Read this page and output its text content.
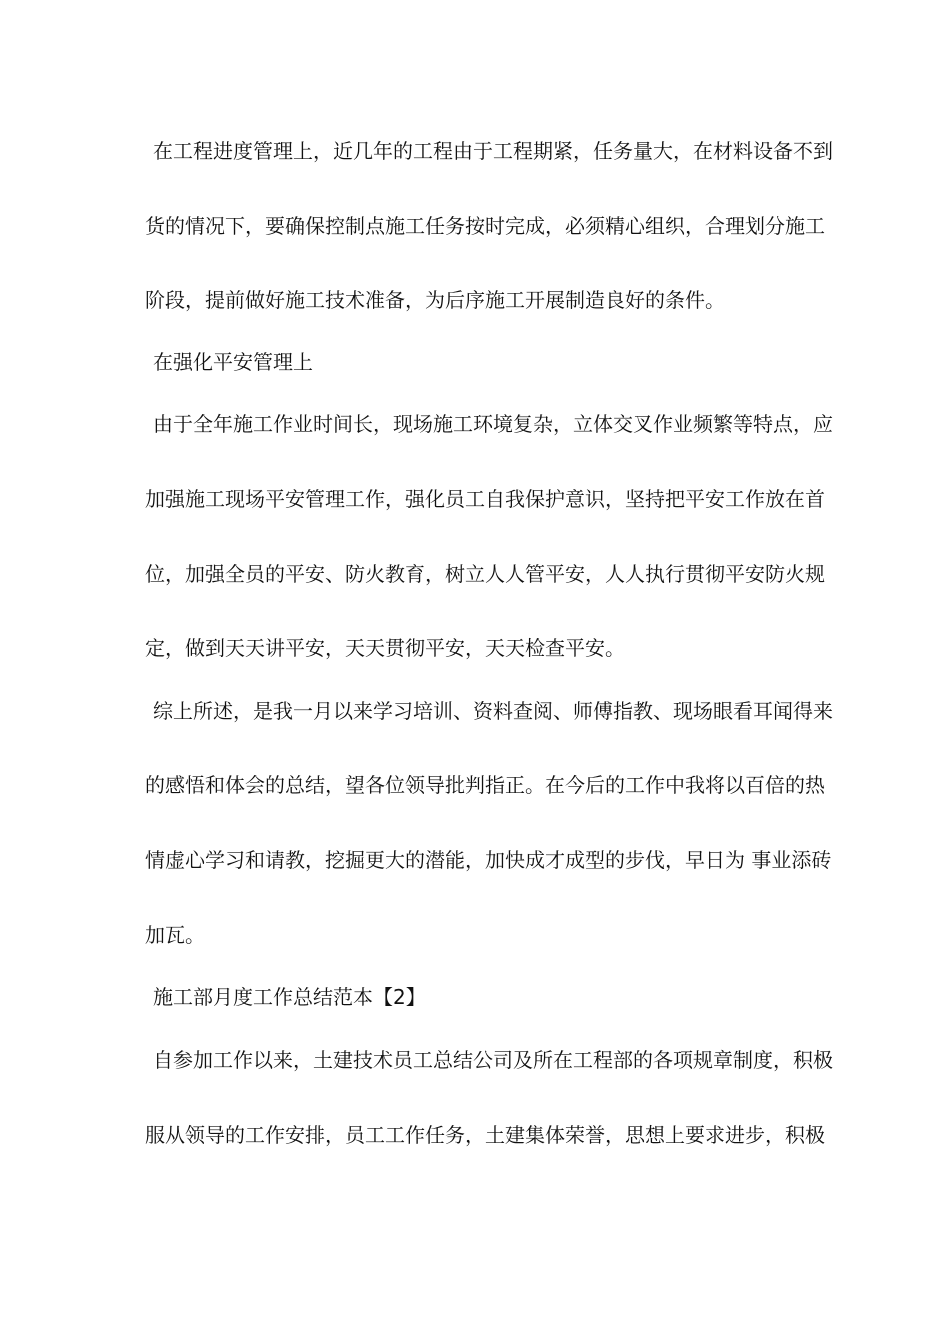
在工程进度管理上，近几年的工程由于工程期紧，任务量大，在材料设备不到
货的情况下，要确保控制点施工任务按时完成，必须精心组织，合理划分施工
阶段，提前做好施工技术准备，为后序施工开展制造良好的条件。
在强化平安管理上
由于全年施工作业时间长，现场施工环境复杂，立体交叉作业频繁等特点，应
加强施工现场平安管理工作，强化员工自我保护意识，坚持把平安工作放在首
位，加强全员的平安、防火教育，树立人人管平安，人人执行贯彻平安防火规
定，做到天天讲平安，天天贯彻平安，天天检查平安。
综上所述，是我一月以来学习培训、资料查阅、师傅指教、现场眼看耳闻得来
的感悟和体会的总结，望各位领导批判指正。在今后的工作中我将以百倍的热
情虚心学习和请教，挖掘更大的潜能，加快成才成型的步伐，早日为 事业添砖
加瓦。
施工部月度工作总结范本【2】
自参加工作以来，土建技术员工总结公司及所在工程部的各项规章制度，积极
服从领导的工作安排，员工工作任务，土建集体荣誉，思想上要求进步，积极
